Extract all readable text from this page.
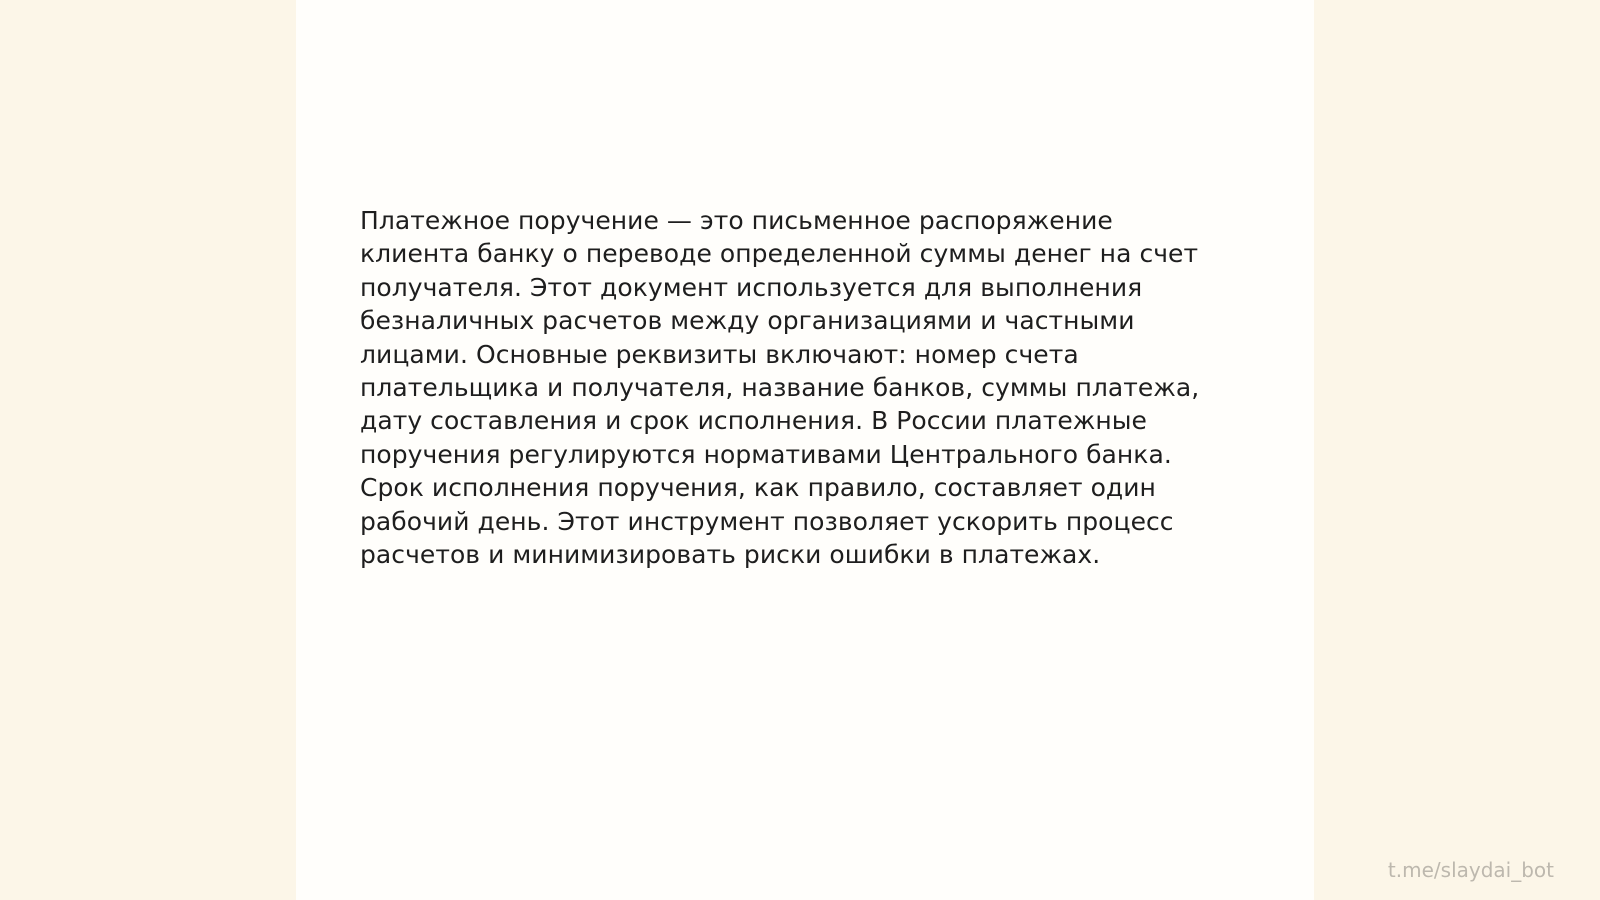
Платежное поручение — это письменное распоряжение
клиента банку о переводе определенной суммы денег на счет
получателя. Этот документ используется для выполнения
безналичных расчетов между организациями и частными
лицами. Основные реквизиты включают: номер счета
плательщика и получателя, название банков, суммы платежа,
дату составления и срок исполнения. В России платежные
поручения регулируются нормативами Центрального банка.
Срок исполнения поручения, как правило, составляет один
рабочий день. Этот инструмент позволяет ускорить процесс
расчетов и минимизировать риски ошибки в платежах.

t.me/slaydai_bot
